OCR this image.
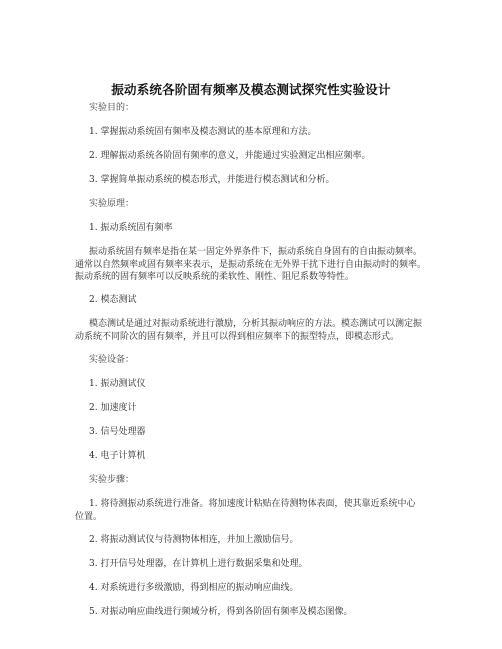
振动系统各阶固有频率及模态测试探究性实验设计
实验目的：
1. 掌握振动系统固有频率及模态测试的基本原理和方法。
2. 理解振动系统各阶固有频率的意义，并能通过实验测定出相应频率。
3. 掌握简单振动系统的模态形式，并能进行模态测试和分析。
实验原理：
1. 振动系统固有频率
振动系统固有频率是指在某一固定外界条件下，振动系统自身固有的自由振动频率。
通常以自然频率或固有频率来表示，是振动系统在无外界干扰下进行自由振动时的频率。
振动系统的固有频率可以反映系统的柔软性、刚性、阻尼系数等特性。
2. 模态测试
模态测试是通过对振动系统进行激励，分析其振动响应的方法。模态测试可以测定振
动系统不同阶次的固有频率，并且可以得到相应频率下的振型特点，即模态形式。
实验设备：
1. 振动测试仪
2. 加速度计
3. 信号处理器
4. 电子计算机
实验步骤：
1. 将待测振动系统进行准备。将加速度计粘贴在待测物体表面，使其靠近系统中心
位置。
2. 将振动测试仪与待测物体相连，并加上激励信号。
3. 打开信号处理器，在计算机上进行数据采集和处理。
4. 对系统进行多级激励，得到相应的振动响应曲线。
5. 对振动响应曲线进行频域分析，得到各阶固有频率及模态图像。
